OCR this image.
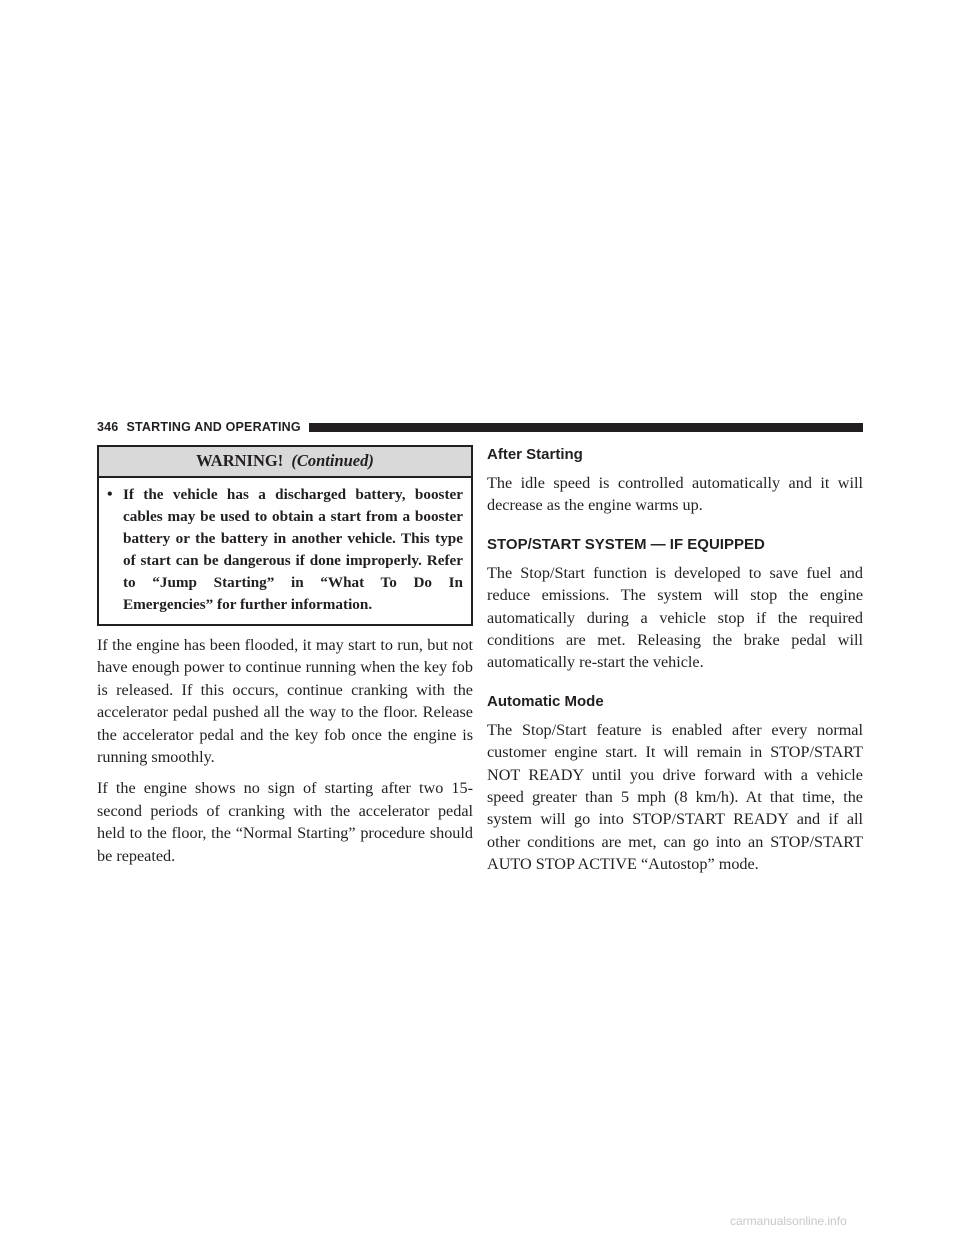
346 STARTING AND OPERATING
WARNING! (Continued)
• If the vehicle has a discharged battery, booster cables may be used to obtain a start from a booster battery or the battery in another vehicle. This type of start can be dangerous if done improperly. Refer to “Jump Starting” in “What To Do In Emergencies” for further information.

If the engine has been flooded, it may start to run, but not have enough power to continue running when the key fob is released. If this occurs, continue cranking with the accelerator pedal pushed all the way to the floor. Release the accelerator pedal and the key fob once the engine is running smoothly.

If the engine shows no sign of starting after two 15-second periods of cranking with the accelerator pedal held to the floor, the “Normal Starting” procedure should be repeated.

After Starting

The idle speed is controlled automatically and it will decrease as the engine warms up.

STOP/START SYSTEM — IF EQUIPPED

The Stop/Start function is developed to save fuel and reduce emissions. The system will stop the engine automatically during a vehicle stop if the required conditions are met. Releasing the brake pedal will automatically re-start the vehicle.

Automatic Mode

The Stop/Start feature is enabled after every normal customer engine start. It will remain in STOP/START NOT READY until you drive forward with a vehicle speed greater than 5 mph (8 km/h). At that time, the system will go into STOP/START READY and if all other conditions are met, can go into an STOP/START AUTO STOP ACTIVE “Autostop” mode.

carmanualsonline.info
